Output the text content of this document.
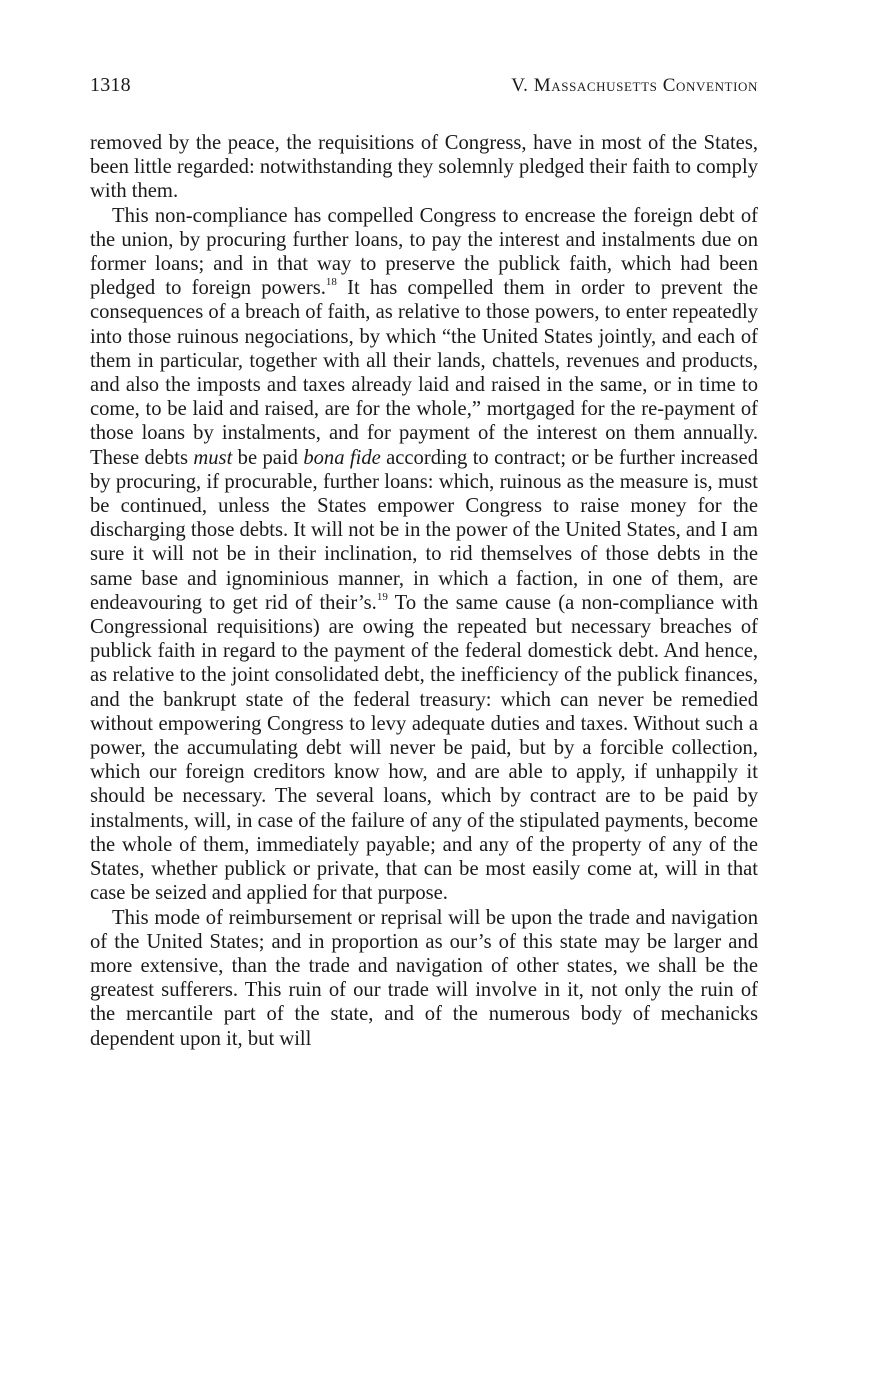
1318	V. Massachusetts Convention

removed by the peace, the requisitions of Congress, have in most of the States, been little regarded: notwithstanding they solemnly pledged their faith to comply with them.

This non-compliance has compelled Congress to encrease the foreign debt of the union, by procuring further loans, to pay the interest and instalments due on former loans; and in that way to preserve the publick faith, which had been pledged to foreign powers.$^{18}$ It has compelled them in order to prevent the consequences of a breach of faith, as relative to those powers, to enter repeatedly into those ruinous negociations, by which “the United States jointly, and each of them in particular, together with all their lands, chattels, revenues and products, and also the imposts and taxes already laid and raised in the same, or in time to come, to be laid and raised, are for the whole,” mortgaged for the re-payment of those loans by instalments, and for payment of the interest on them annually. These debts must be paid bona fide according to contract; or be further increased by procuring, if procurable, further loans: which, ruinous as the measure is, must be continued, unless the States empower Congress to raise money for the discharging those debts. It will not be in the power of the United States, and I am sure it will not be in their inclination, to rid themselves of those debts in the same base and ignominious manner, in which a faction, in one of them, are endeavouring to get rid of their’s.$^{19}$ To the same cause (a non-compliance with Congressional requisitions) are owing the repeated but necessary breaches of publick faith in regard to the payment of the federal domestick debt. And hence, as relative to the joint consolidated debt, the inefficiency of the publick finances, and the bankrupt state of the federal treasury: which can never be remedied without empowering Congress to levy adequate duties and taxes. Without such a power, the accumulating debt will never be paid, but by a forcible collection, which our foreign creditors know how, and are able to apply, if unhappily it should be necessary. The several loans, which by contract are to be paid by instalments, will, in case of the failure of any of the stipulated payments, become the whole of them, immediately payable; and any of the property of any of the States, whether publick or private, that can be most easily come at, will in that case be seized and applied for that purpose.

This mode of reimbursement or reprisal will be upon the trade and navigation of the United States; and in proportion as our’s of this state may be larger and more extensive, than the trade and navigation of other states, we shall be the greatest sufferers. This ruin of our trade will involve in it, not only the ruin of the mercantile part of the state, and of the numerous body of mechanicks dependent upon it, but will
